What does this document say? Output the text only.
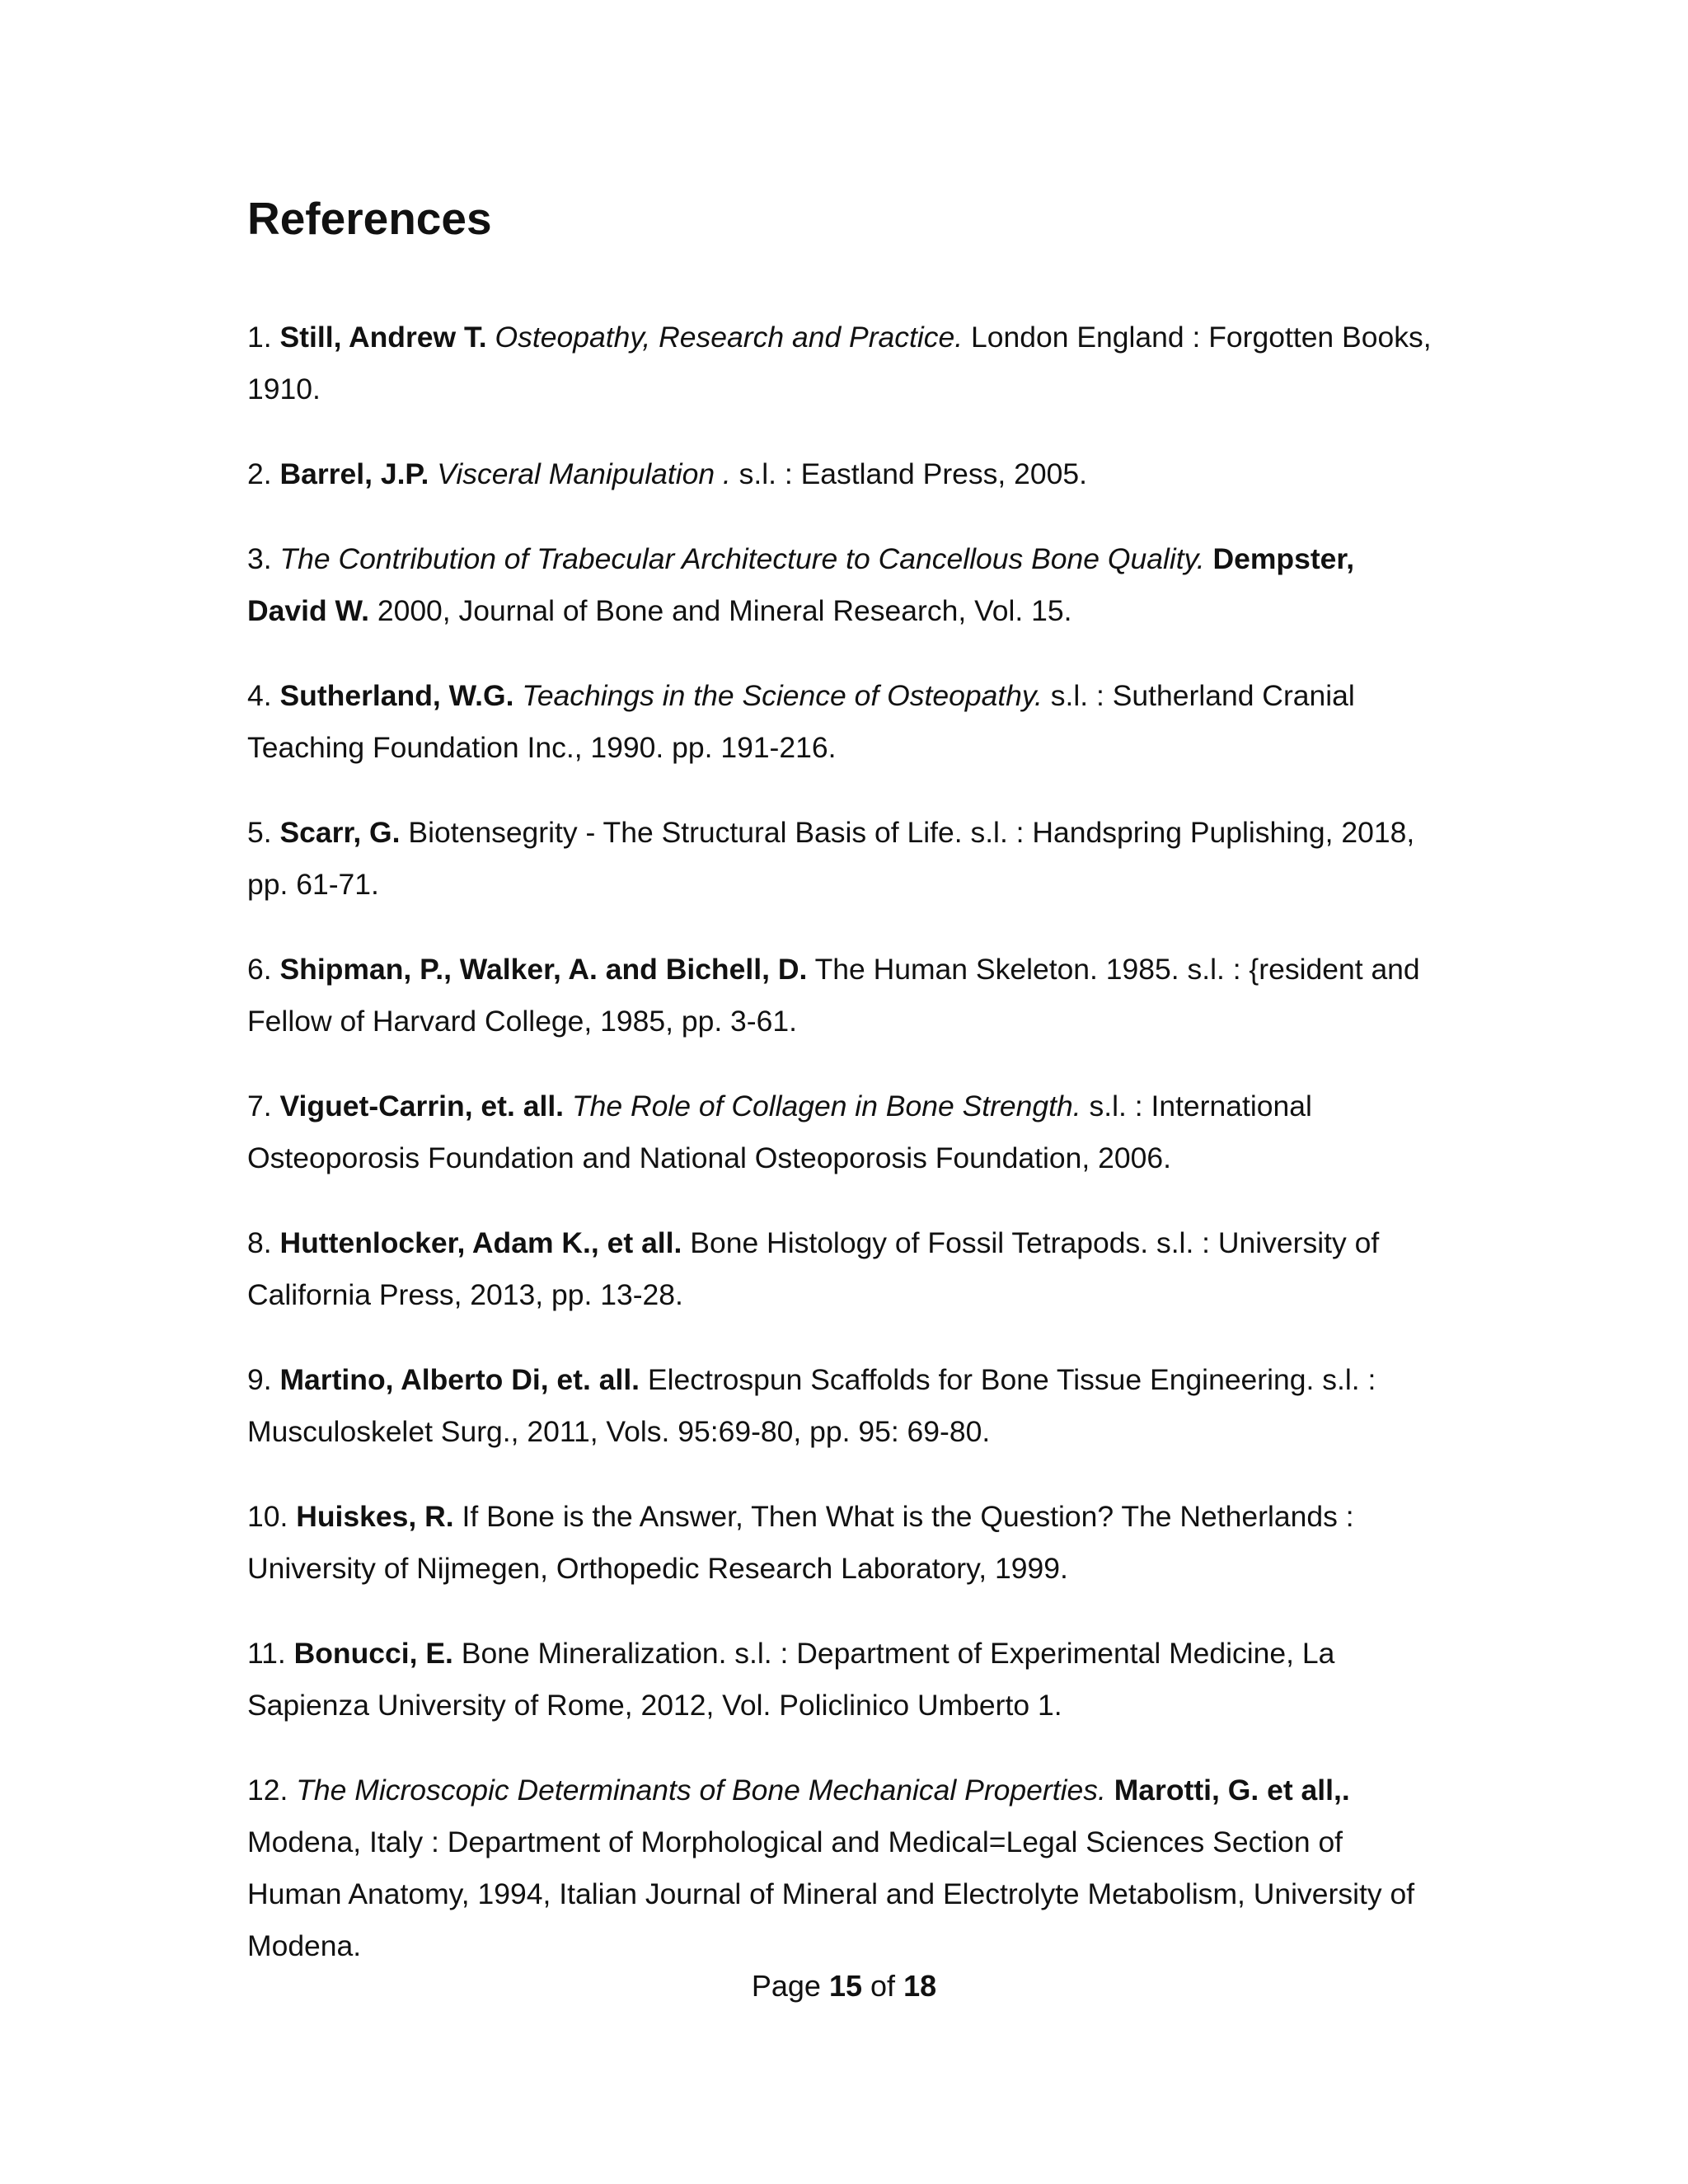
References
1. Still, Andrew T. Osteopathy, Research and Practice. London England : Forgotten Books, 1910.
2. Barrel, J.P. Visceral Manipulation . s.l. : Eastland Press, 2005.
3. The Contribution of Trabecular Architecture to Cancellous Bone Quality. Dempster, David W. 2000, Journal of Bone and Mineral Research, Vol. 15.
4. Sutherland, W.G. Teachings in the Science of Osteopathy. s.l. : Sutherland Cranial Teaching Foundation Inc., 1990. pp. 191-216.
5. Scarr, G. Biotensegrity - The Structural Basis of Life. s.l. : Handspring Puplishing, 2018, pp. 61-71.
6. Shipman, P., Walker, A. and Bichell, D. The Human Skeleton. 1985. s.l. : {resident and Fellow of Harvard College, 1985, pp. 3-61.
7. Viguet-Carrin, et. all. The Role of Collagen in Bone Strength. s.l. : International Osteoporosis Foundation and National Osteoporosis Foundation, 2006.
8. Huttenlocker, Adam K., et all. Bone Histology of Fossil Tetrapods. s.l. : University of California Press, 2013, pp. 13-28.
9. Martino, Alberto Di, et. all. Electrospun Scaffolds for Bone Tissue Engineering. s.l. : Musculoskelet Surg., 2011, Vols. 95:69-80, pp. 95: 69-80.
10. Huiskes, R. If Bone is the Answer, Then What is the Question? The Netherlands : University of Nijmegen, Orthopedic Research Laboratory, 1999.
11. Bonucci, E. Bone Mineralization. s.l. : Department of Experimental Medicine, La Sapienza University of Rome, 2012, Vol. Policlinico Umberto 1.
12. The Microscopic Determinants of Bone Mechanical Properties. Marotti, G. et all,. Modena, Italy : Department of Morphological and Medical=Legal Sciences Section of Human Anatomy, 1994, Italian Journal of Mineral and Electrolyte Metabolism, University of Modena.
Page 15 of 18
